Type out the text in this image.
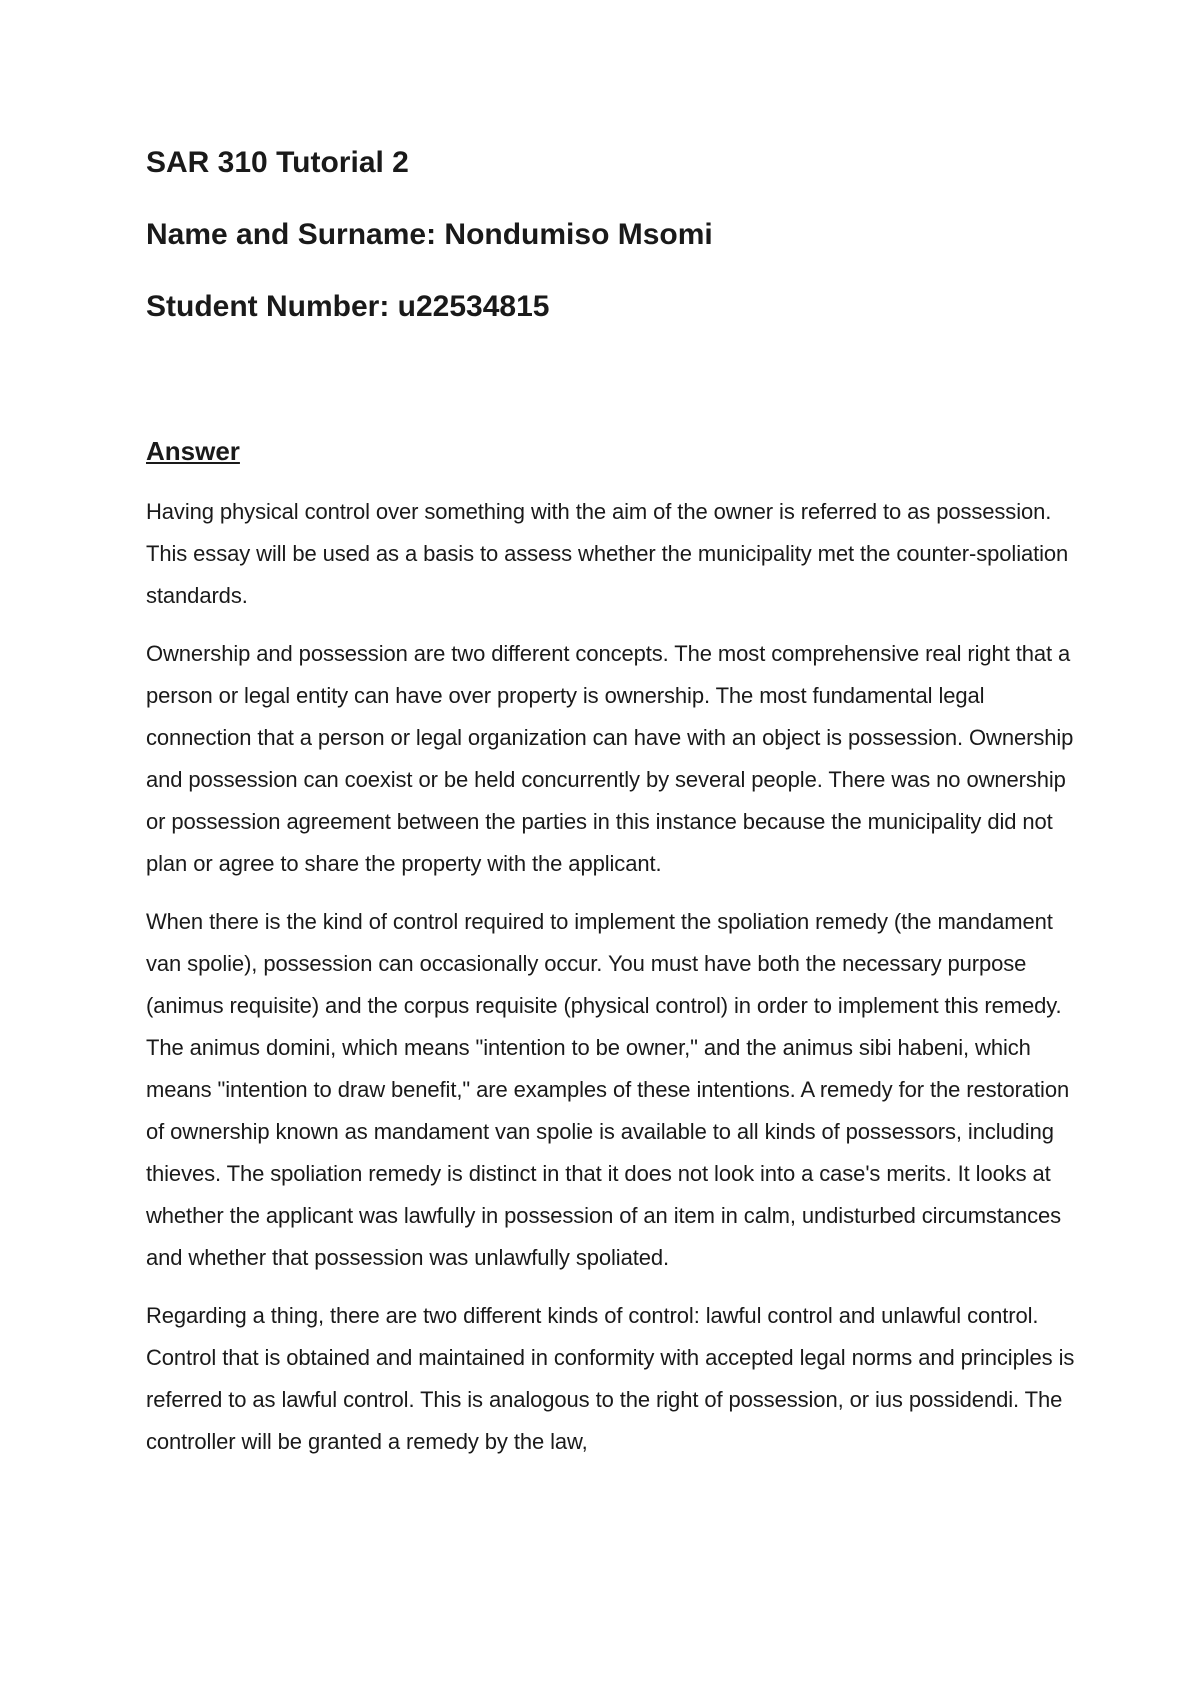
SAR 310 Tutorial 2
Name and Surname: Nondumiso Msomi
Student Number: u22534815
Answer

Having physical control over something with the aim of the owner is referred to as possession. This essay will be used as a basis to assess whether the municipality met the counter-spoliation standards.

Ownership and possession are two different concepts. The most comprehensive real right that a person or legal entity can have over property is ownership. The most fundamental legal connection that a person or legal organization can have with an object is possession. Ownership and possession can coexist or be held concurrently by several people. There was no ownership or possession agreement between the parties in this instance because the municipality did not plan or agree to share the property with the applicant.

When there is the kind of control required to implement the spoliation remedy (the mandament van spolie), possession can occasionally occur. You must have both the necessary purpose (animus requisite) and the corpus requisite (physical control) in order to implement this remedy. The animus domini, which means "intention to be owner," and the animus sibi habeni, which means "intention to draw benefit," are examples of these intentions. A remedy for the restoration of ownership known as mandament van spolie is available to all kinds of possessors, including thieves. The spoliation remedy is distinct in that it does not look into a case's merits. It looks at whether the applicant was lawfully in possession of an item in calm, undisturbed circumstances and whether that possession was unlawfully spoliated.

Regarding a thing, there are two different kinds of control: lawful control and unlawful control. Control that is obtained and maintained in conformity with accepted legal norms and principles is referred to as lawful control. This is analogous to the right of possession, or ius possidendi. The controller will be granted a remedy by the law,
